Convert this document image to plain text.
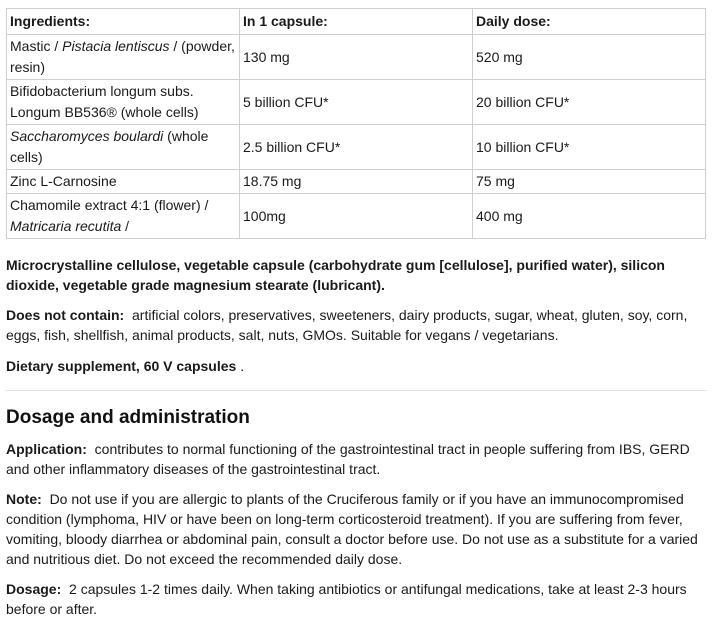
Ingredients:	In 1 capsule:	Daily dose:
Mastic / Pistacia lentiscus / (powder, resin)	130 mg	520 mg
Bifidobacterium longum subs. Longum BB536® (whole cells)	5 billion CFU*	20 billion CFU*
Saccharomyces boulardi (whole cells)	2.5 billion CFU*	10 billion CFU*
Zinc L-Carnosine	18.75 mg	75 mg
Chamomile extract 4:1 (flower) / Matricaria recutita /	100mg	400 mg

Microcrystalline cellulose, vegetable capsule (carbohydrate gum [cellulose], purified water), silicon dioxide, vegetable grade magnesium stearate (lubricant).

Does not contain: artificial colors, preservatives, sweeteners, dairy products, sugar, wheat, gluten, soy, corn, eggs, fish, shellfish, animal products, salt, nuts, GMOs. Suitable for vegans / vegetarians.

Dietary supplement, 60 V capsules .

Dosage and administration

Application: contributes to normal functioning of the gastrointestinal tract in people suffering from IBS, GERD and other inflammatory diseases of the gastrointestinal tract.

Note: Do not use if you are allergic to plants of the Cruciferous family or if you have an immunocompromised condition (lymphoma, HIV or have been on long-term corticosteroid treatment). If you are suffering from fever, vomiting, bloody diarrhea or abdominal pain, consult a doctor before use. Do not use as a substitute for a varied and nutritious diet. Do not exceed the recommended daily dose.

Dosage: 2 capsules 1-2 times daily. When taking antibiotics or antifungal medications, take at least 2-3 hours before or after.
